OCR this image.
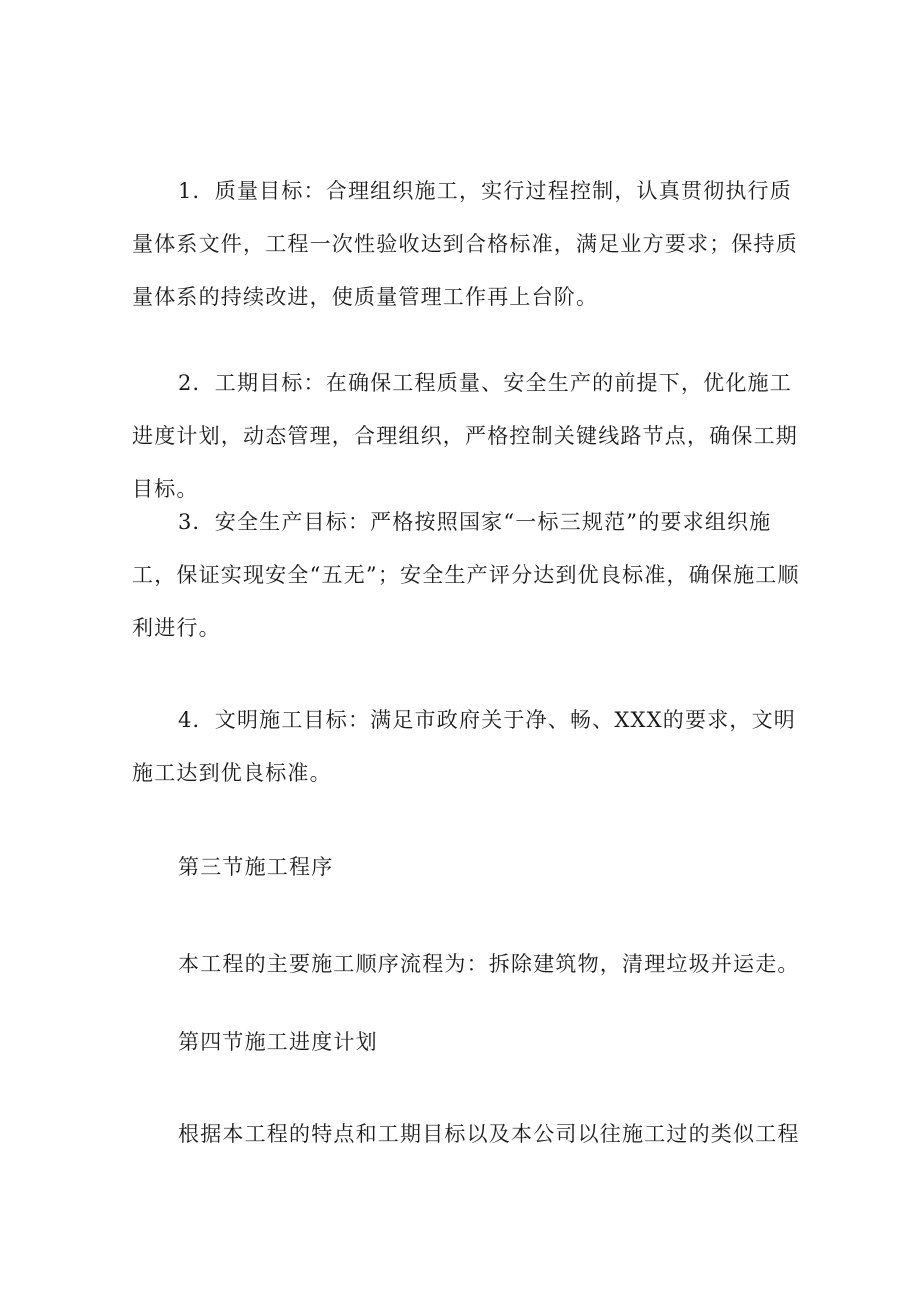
1．质量目标：合理组织施工，实行过程控制，认真贯彻执行质量体系文件，工程一次性验收达到合格标准，满足业方要求；保持质量体系的持续改进，使质量管理工作再上台阶。

2．工期目标：在确保工程质量、安全生产的前提下，优化施工进度计划，动态管理，合理组织，严格控制关键线路节点，确保工期目标。

3．安全生产目标：严格按照国家“一标三规范”的要求组织施工，保证实现安全“五无”；安全生产评分达到优良标准，确保施工顺利进行。

4．文明施工目标：满足市政府关于净、畅、XXX的要求，文明施工达到优良标准。

第三节施工程序

本工程的主要施工顺序流程为：拆除建筑物，清理垃圾并运走。

第四节施工进度计划

根据本工程的特点和工期目标以及本公司以往施工过的类似工程
